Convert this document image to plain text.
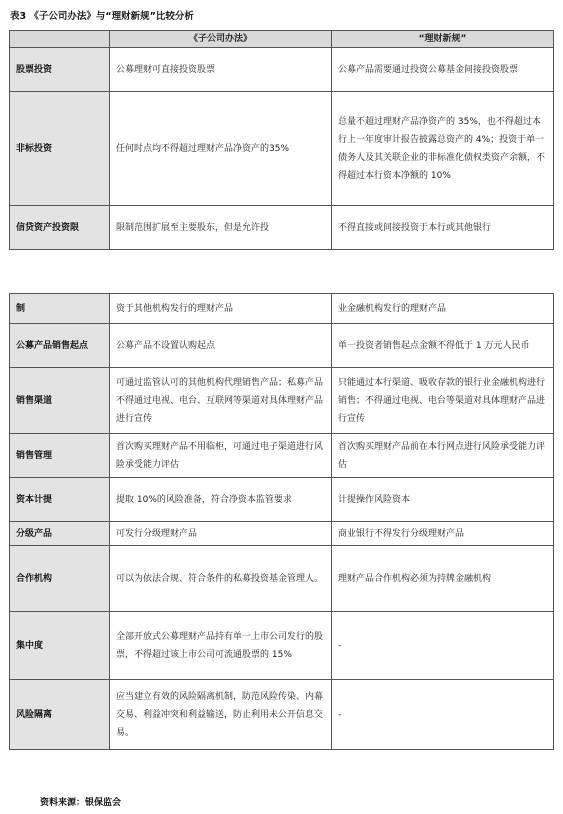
表3 《子公司办法》与“理财新规”比较分析
	《子公司办法》	“理财新规”
股票投资	公募理财可直接投资股票	公募产品需要通过投资公募基金间接投资股票
非标投资	任何时点均不得超过理财产品净资产的35%	总量不超过理财产品净资产的 35%，也不得超过本行上一年度审计报告披露总资产的 4%；投资于单一债务人及其关联企业的非标准化债权类资产余额，不得超过本行资本净额的 10%
信贷资产投资限	限制范围扩展至主要股东，但是允许投	不得直接或间接投资于本行或其他银行
制	资于其他机构发行的理财产品	业金融机构发行的理财产品
公募产品销售起点	公募产品不设置认购起点	单一投资者销售起点金额不得低于 1 万元人民币
销售渠道	可通过监管认可的其他机构代理销售产品；私募产品不得通过电视、电台、互联网等渠道对具体理财产品进行宣传	只能通过本行渠道、吸收存款的银行业金融机构进行销售；不得通过电视、电台等渠道对具体理财产品进行宣传
销售管理	首次购买理财产品不用临柜，可通过电子渠道进行风险承受能力评估	首次购买理财产品前在本行网点进行风险承受能力评估
资本计提	提取 10%的风险准备，符合净资本监管要求	计提操作风险资本
分级产品	可发行分级理财产品	商业银行不得发行分级理财产品
合作机构	可以为依法合规、符合条件的私募投资基金管理人。	理财产品合作机构必须为持牌金融机构
集中度	全部开放式公募理财产品持有单一上市公司发行的股票，不得超过该上市公司可流通股票的 15%	-
风险隔离	应当建立有效的风险隔离机制，防范风险传染、内幕交易、利益冲突和利益输送，防止利用未公开信息交易。	-
资料来源：银保监会
